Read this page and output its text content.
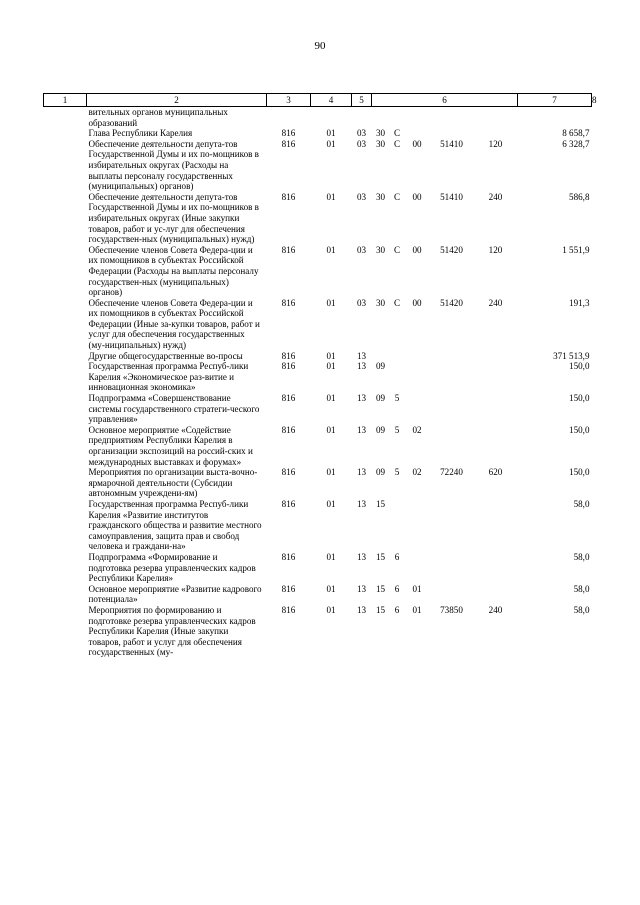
90
1	2	3	4	5	6					7	8
	вительных органов муниципальных образований										
	Глава Республики Карелия	816	01	03	30	С				8 658,7	
	Обеспечение деятельности депута-тов Государственной Думы и их по-мощников в избирательных округах (Расходы на выплаты персоналу государственных (муниципальных) органов)	816	01	03	30	С	00	51410	120	6 328,7	
	Обеспечение деятельности депута-тов Государственной Думы и их по-мощников в избирательных округах (Иные закупки товаров, работ и ус-луг для обеспечения государствен-ных (муниципальных) нужд)	816	01	03	30	С	00	51410	240	586,8	
	Обеспечение членов Совета Федера-ции и их помощников в субъектах Российской Федерации (Расходы на выплаты персоналу государствен-ных (муниципальных) органов)	816	01	03	30	С	00	51420	120	1 551,9	
	Обеспечение членов Совета Федера-ции и их помощников в субъектах Российской Федерации (Иные за-купки товаров, работ и услуг для обеспечения государственных (му-ниципальных) нужд)	816	01	03	30	С	00	51420	240	191,3	
	Другие общегосударственные во-просы	816	01	13						371 513,9	
	Государственная программа Респуб-лики Карелия «Экономическое раз-витие и инновационная экономика»	816	01	13	09					150,0	
	Подпрограмма «Совершенствование системы государственного стратеги-ческого управления»	816	01	13	09	5				150,0	
	Основное мероприятие «Содействие предприятиям Республики Карелия в организации экспозиций на россий-ских и международных выставках и форумах»	816	01	13	09	5	02			150,0	
	Мероприятия по организации выста-вочно-ярмарочной деятельности (Субсидии автономным учреждени-ям)	816	01	13	09	5	02	72240	620	150,0	
	Государственная программа Респуб-лики Карелия «Развитие институтов гражданского общества и развитие местного самоуправления, защита прав и свобод человека и граждани-на»	816	01	13	15					58,0	
	Подпрограмма «Формирование и подготовка резерва управленческих кадров Республики Карелия»	816	01	13	15	6				58,0	
	Основное мероприятие «Развитие кадрового потенциала»	816	01	13	15	6	01			58,0	
	Мероприятия по формированию и подготовке резерва управленческих кадров Республики Карелия (Иные закупки товаров, работ и услуг для обеспечения государственных (му-	816	01	13	15	6	01	73850	240	58,0	
